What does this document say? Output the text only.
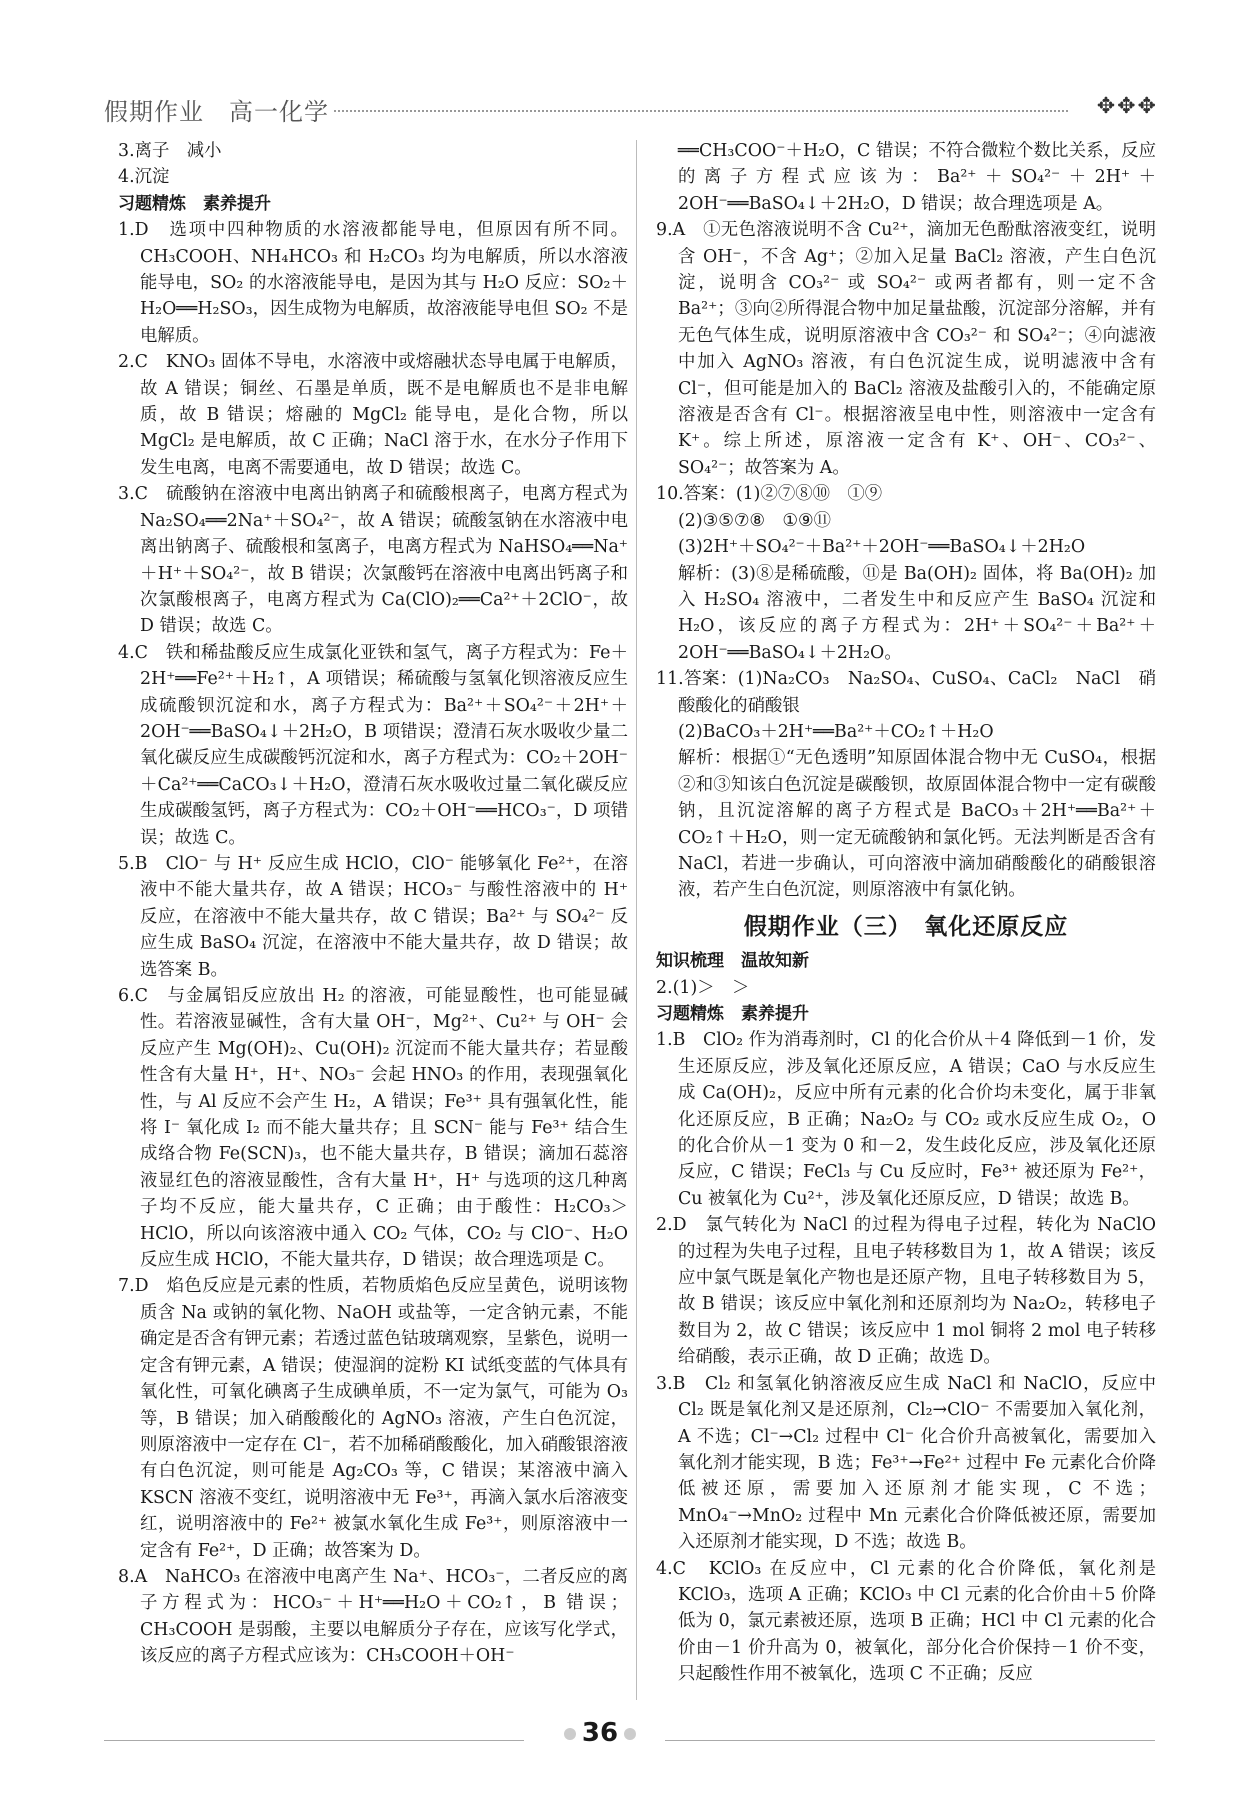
假期作业　高一化学	✥✥✥

3.离子　减小

4.沉淀

习题精炼　素养提升

1.D　选项中四种物质的水溶液都能导电，但原因有所不同。CH₃COOH、NH₄HCO₃ 和 H₂CO₃ 均为电解质，所以水溶液能导电，SO₂ 的水溶液能导电，是因为其与 H₂O 反应：SO₂＋H₂O══H₂SO₃，因生成物为电解质，故溶液能导电但 SO₂ 不是电解质。

2.C　KNO₃ 固体不导电，水溶液中或熔融状态导电属于电解质，故 A 错误；铜丝、石墨是单质，既不是电解质也不是非电解质，故 B 错误；熔融的 MgCl₂ 能导电，是化合物，所以 MgCl₂ 是电解质，故 C 正确；NaCl 溶于水，在水分子作用下发生电离，电离不需要通电，故 D 错误；故选 C。

3.C　硫酸钠在溶液中电离出钠离子和硫酸根离子，电离方程式为 Na₂SO₄══2Na⁺＋SO₄²⁻，故 A 错误；硫酸氢钠在水溶液中电离出钠离子、硫酸根和氢离子，电离方程式为 NaHSO₄══Na⁺＋H⁺＋SO₄²⁻，故 B 错误；次氯酸钙在溶液中电离出钙离子和次氯酸根离子，电离方程式为 Ca(ClO)₂══Ca²⁺＋2ClO⁻，故 D 错误；故选 C。

4.C　铁和稀盐酸反应生成氯化亚铁和氢气，离子方程式为：Fe＋2H⁺══Fe²⁺＋H₂↑，A 项错误；稀硫酸与氢氧化钡溶液反应生成硫酸钡沉淀和水，离子方程式为：Ba²⁺＋SO₄²⁻＋2H⁺＋2OH⁻══BaSO₄↓＋2H₂O，B 项错误；澄清石灰水吸收少量二氧化碳反应生成碳酸钙沉淀和水，离子方程式为：CO₂＋2OH⁻＋Ca²⁺══CaCO₃↓＋H₂O，澄清石灰水吸收过量二氧化碳反应生成碳酸氢钙，离子方程式为：CO₂＋OH⁻══HCO₃⁻，D 项错误；故选 C。

5.B　ClO⁻ 与 H⁺ 反应生成 HClO，ClO⁻ 能够氧化 Fe²⁺，在溶液中不能大量共存，故 A 错误；HCO₃⁻ 与酸性溶液中的 H⁺ 反应，在溶液中不能大量共存，故 C 错误；Ba²⁺ 与 SO₄²⁻ 反应生成 BaSO₄ 沉淀，在溶液中不能大量共存，故 D 错误；故选答案 B。

6.C　与金属铝反应放出 H₂ 的溶液，可能显酸性，也可能显碱性。若溶液显碱性，含有大量 OH⁻，Mg²⁺、Cu²⁺ 与 OH⁻ 会反应产生 Mg(OH)₂、Cu(OH)₂ 沉淀而不能大量共存；若显酸性含有大量 H⁺，H⁺、NO₃⁻ 会起 HNO₃ 的作用，表现强氧化性，与 Al 反应不会产生 H₂，A 错误；Fe³⁺ 具有强氧化性，能将 I⁻ 氧化成 I₂ 而不能大量共存；且 SCN⁻ 能与 Fe³⁺ 结合生成络合物 Fe(SCN)₃，也不能大量共存，B 错误；滴加石蕊溶液显红色的溶液显酸性，含有大量 H⁺，H⁺ 与选项的这几种离子均不反应，能大量共存，C 正确；由于酸性：H₂CO₃＞HClO，所以向该溶液中通入 CO₂ 气体，CO₂ 与 ClO⁻、H₂O 反应生成 HClO，不能大量共存，D 错误；故合理选项是 C。

7.D　焰色反应是元素的性质，若物质焰色反应呈黄色，说明该物质含 Na 或钠的氧化物、NaOH 或盐等，一定含钠元素，不能确定是否含有钾元素；若透过蓝色钴玻璃观察，呈紫色，说明一定含有钾元素，A 错误；使湿润的淀粉 KI 试纸变蓝的气体具有氧化性，可氧化碘离子生成碘单质，不一定为氯气，可能为 O₃ 等，B 错误；加入硝酸酸化的 AgNO₃ 溶液，产生白色沉淀，则原溶液中一定存在 Cl⁻，若不加稀硝酸酸化，加入硝酸银溶液有白色沉淀，则可能是 Ag₂CO₃ 等，C 错误；某溶液中滴入 KSCN 溶液不变红，说明溶液中无 Fe³⁺，再滴入氯水后溶液变红，说明溶液中的 Fe²⁺ 被氯水氧化生成 Fe³⁺，则原溶液中一定含有 Fe²⁺，D 正确；故答案为 D。

8.A　NaHCO₃ 在溶液中电离产生 Na⁺、HCO₃⁻，二者反应的离子方程式为：HCO₃⁻＋H⁺══H₂O＋CO₂↑，B 错误；CH₃COOH 是弱酸，主要以电解质分子存在，应该写化学式，该反应的离子方程式应该为：CH₃COOH＋OH⁻

══CH₃COO⁻＋H₂O，C 错误；不符合微粒个数比关系，反应的离子方程式应该为：Ba²⁺＋SO₄²⁻＋2H⁺＋2OH⁻══BaSO₄↓＋2H₂O，D 错误；故合理选项是 A。

9.A　①无色溶液说明不含 Cu²⁺，滴加无色酚酞溶液变红，说明含 OH⁻，不含 Ag⁺；②加入足量 BaCl₂ 溶液，产生白色沉淀，说明含 CO₃²⁻ 或 SO₄²⁻ 或两者都有，则一定不含 Ba²⁺；③向②所得混合物中加足量盐酸，沉淀部分溶解，并有无色气体生成，说明原溶液中含 CO₃²⁻ 和 SO₄²⁻；④向滤液中加入 AgNO₃ 溶液，有白色沉淀生成，说明滤液中含有 Cl⁻，但可能是加入的 BaCl₂ 溶液及盐酸引入的，不能确定原溶液是否含有 Cl⁻。根据溶液呈电中性，则溶液中一定含有 K⁺。综上所述，原溶液一定含有 K⁺、OH⁻、CO₃²⁻、SO₄²⁻；故答案为 A。

10.答案：(1)②⑦⑧⑩　①⑨

(2)③⑤⑦⑧　①⑨⑪

(3)2H⁺＋SO₄²⁻＋Ba²⁺＋2OH⁻══BaSO₄↓＋2H₂O

解析：(3)⑧是稀硫酸，⑪是 Ba(OH)₂ 固体，将 Ba(OH)₂ 加入 H₂SO₄ 溶液中，二者发生中和反应产生 BaSO₄ 沉淀和 H₂O，该反应的离子方程式为：2H⁺＋SO₄²⁻＋Ba²⁺＋2OH⁻══BaSO₄↓＋2H₂O。

11.答案：(1)Na₂CO₃　Na₂SO₄、CuSO₄、CaCl₂　NaCl　硝酸酸化的硝酸银

(2)BaCO₃＋2H⁺══Ba²⁺＋CO₂↑＋H₂O

解析：根据①“无色透明”知原固体混合物中无 CuSO₄，根据②和③知该白色沉淀是碳酸钡，故原固体混合物中一定有碳酸钠，且沉淀溶解的离子方程式是 BaCO₃＋2H⁺══Ba²⁺＋CO₂↑＋H₂O，则一定无硫酸钠和氯化钙。无法判断是否含有 NaCl，若进一步确认，可向溶液中滴加硝酸酸化的硝酸银溶液，若产生白色沉淀，则原溶液中有氯化钠。

假期作业（三）　氧化还原反应

知识梳理　温故知新

2.(1)＞　＞

习题精炼　素养提升

1.B　ClO₂ 作为消毒剂时，Cl 的化合价从＋4 降低到－1 价，发生还原反应，涉及氧化还原反应，A 错误；CaO 与水反应生成 Ca(OH)₂，反应中所有元素的化合价均未变化，属于非氧化还原反应，B 正确；Na₂O₂ 与 CO₂ 或水反应生成 O₂，O 的化合价从－1 变为 0 和－2，发生歧化反应，涉及氧化还原反应，C 错误；FeCl₃ 与 Cu 反应时，Fe³⁺ 被还原为 Fe²⁺，Cu 被氧化为 Cu²⁺，涉及氧化还原反应，D 错误；故选 B。

2.D　氯气转化为 NaCl 的过程为得电子过程，转化为 NaClO 的过程为失电子过程，且电子转移数目为 1，故 A 错误；该反应中氯气既是氧化产物也是还原产物，且电子转移数目为 5，故 B 错误；该反应中氧化剂和还原剂均为 Na₂O₂，转移电子数目为 2，故 C 错误；该反应中 1 mol 铜将 2 mol 电子转移给硝酸，表示正确，故 D 正确；故选 D。

3.B　Cl₂ 和氢氧化钠溶液反应生成 NaCl 和 NaClO，反应中 Cl₂ 既是氧化剂又是还原剂，Cl₂→ClO⁻ 不需要加入氧化剂，A 不选；Cl⁻→Cl₂ 过程中 Cl⁻ 化合价升高被氧化，需要加入氧化剂才能实现，B 选；Fe³⁺→Fe²⁺ 过程中 Fe 元素化合价降低被还原，需要加入还原剂才能实现，C 不选；MnO₄⁻→MnO₂ 过程中 Mn 元素化合价降低被还原，需要加入还原剂才能实现，D 不选；故选 B。

4.C　KClO₃ 在反应中，Cl 元素的化合价降低，氧化剂是 KClO₃，选项 A 正确；KClO₃ 中 Cl 元素的化合价由＋5 价降低为 0，氯元素被还原，选项 B 正确；HCl 中 Cl 元素的化合价由－1 价升高为 0，被氧化，部分化合价保持－1 价不变，只起酸性作用不被氧化，选项 C 不正确；反应

36
